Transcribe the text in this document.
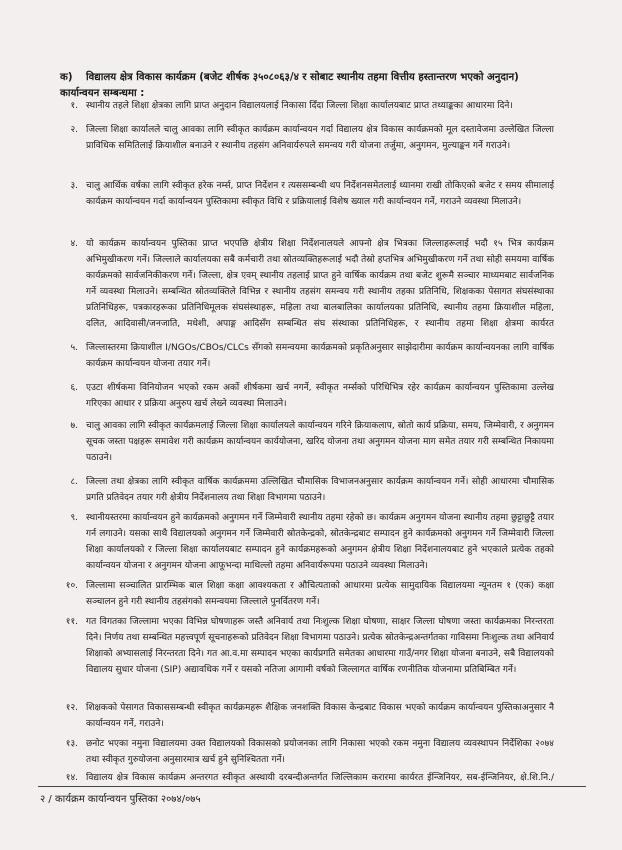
क) विद्यालय क्षेत्र विकास कार्यक्रम (बजेट शीर्षक ३५०८०६३/४ र सोबाट स्थानीय तहमा वित्तीय हस्तान्तरण भएको अनुदान) कार्यान्वयन सम्बन्धमा :
१. स्थानीय तहले शिक्षा क्षेत्रका लागि प्राप्त अनुदान विद्यालयलाई निकासा दिँदा जिल्ला शिक्षा कार्यालयबाट प्राप्त तथ्याङ्कका आधारमा दिने।
२. जिल्ला शिक्षा कार्यालले चालु आवका लागि स्वीकृत कार्यक्रम कार्यान्वयन गर्दा विद्यालय क्षेत्र विकास कार्यक्रमको मूल दस्तावेजमा उल्लेखित जिल्ला प्राविधिक समितिलाई क्रियाशील बनाउने र स्थानीय तहसंग अनिवार्यरुपले समन्वय गरी योजना तर्जुमा, अनुगमन, मुल्याङ्कन गर्ने गराउने।
३. चालु आर्थिक वर्षका लागि स्वीकृत हरेक नर्म्स, प्राप्त निर्देशन र त्यससम्बन्धी थप निर्देशनसमेतलाई ध्यानमा राखी तोकिएको बजेट र समय सीमालाई कार्यक्रम कार्यान्वयन गर्दा कार्यान्वयन पुस्तिकामा स्वीकृत विधि र प्रक्रियालाई विशेष ख्याल गरी कार्यान्वयन गर्ने, गराउने व्यवस्था मिलाउने।
४. यो कार्यक्रम कार्यान्वयन पुस्तिका प्राप्त भएपछि क्षेत्रीय शिक्षा निर्देशनालयले आफ्नो क्षेत्र भित्रका जिल्लाहरूलाई भदौ १५ भित्र कार्यक्रम अभिमुखीकरण गर्ने। जिल्लाले कार्यालयका सबै कर्मचारी तथा स्रोतव्यक्तिहरूलाई भदौ तेस्रो हप्तभित्र अभिमुखीकरण गर्ने तथा सोही समयमा वार्षिक कार्यक्रमको सार्वजनिकीकरण गर्ने। जिल्ला, क्षेत्र एवम् स्थानीय तहलाई प्राप्त हुने वार्षिक कार्यक्रम तथा बजेट शुरूमै सञ्चार माध्यमबाट सार्वजनिक गर्ने व्यवस्था मिलाउने। सम्बन्धित स्रोतव्यक्तिले विभिन्न र स्थानीय तहसंग समन्वय गरी स्थानीय तहका प्रतिनिधि, शिक्षकका पेसागत संघसंस्थाका प्रतिनिधिहरू, पत्रकारहरूका प्रतिनिधिमूलक संघसंस्थाहरू, महिला तथा बालबालिका कार्यालयका प्रतिनिधि, स्थानीय तहमा क्रियाशील महिला, दलित, आदिवासी/जनजाति, मधेशी, अपाङ्ग आदिसँग सम्बन्धित संघ संस्थाका प्रतिनिधिहरू, र स्थानीय तहमा शिक्षा क्षेत्रमा कार्यरत
५. जिल्लास्तरमा क्रियाशील I/NGOs/CBOs/CLCs सँगको समन्वयमा कार्यक्रमको प्रकृतिअनुसार साझेदारीमा कार्यक्रम कार्यान्वयनका लागि वार्षिक कार्यक्रम कार्यान्वयन योजना तयार गर्ने।
६. एउटा शीर्षकमा विनियोजन भएको रकम अर्को शीर्षकमा खर्च नगर्ने, स्वीकृत नर्म्सको परिधिभित्र रहेर कार्यक्रम कार्यान्वयन पुस्तिकामा उल्लेख गरिएका आधार र प्रक्रिया अनुरुप खर्च लेख्ने व्यवस्था मिलाउने।
७. चालु आवका लागि स्वीकृत कार्यक्रमलाई जिल्ला शिक्षा कार्यालयले कार्यान्वयन गरिने क्रियाकलाप, स्रोतो कार्य प्रक्रिया, समय, जिम्मेवारी, र अनुगमन सूचक जस्ता पक्षहरू समावेश गरी कार्यक्रम कार्यान्वयन कार्ययोजना, खरिद योजना तथा अनुगमन योजना माग समेत तयार गरी सम्बन्धित निकायमा पठाउने।
८. जिल्ला तथा क्षेत्रका लागि स्वीकृत वार्षिक कार्यक्रममा उल्लिखित चौमासिक विभाजनअनुसार कार्यक्रम कार्यान्वयन गर्ने। सोही आधारमा चौमासिक प्रगति प्रतिवेदन तयार गरी क्षेत्रीय निर्देशनालय तथा शिक्षा विभागमा पठाउने।
९. स्थानीयस्तरमा कार्यान्वयन हुने कार्यक्रमको अनुगमन गर्ने जिम्मेवारी स्थानीय तहमा रहेको छ। कार्यक्रम अनुगमन योजना स्थानीय तहमा छुट्टाछुट्टै तयार गर्न लगाउने। यसका साथै विद्यालयको अनुगमन गर्ने जिम्मेवारी स्रोतकेन्द्रको, स्रोतकेन्द्रबाट सम्पादन हुने कार्यक्रमको अनुगमन गर्ने जिम्मेवारी जिल्ला शिक्षा कार्यालयको र जिल्ला शिक्षा कार्यालयबाट सम्पादन हुने कार्यक्रमहरूको अनुगमन क्षेत्रीय शिक्षा निर्देशनालयबाट हुने भएकाले प्रत्येक तहको कार्यान्वयन योजना र अनुगमन योजना आफूभन्दा माथिल्लो तहमा अनिवार्यरूपमा पठाउने व्यवस्था मिलाउने।
१०. जिल्लामा सञ्चालित प्रारम्भिक बाल शिक्षा कक्षा आवश्यकता र औचित्यताको आधारमा प्रत्येक सामुदायिक विद्यालयमा न्यूनतम १ (एक) कक्षा सञ्चालन हुने गरी स्थानीय तहसंगको समन्वयमा जिल्लाले पुनर्वितरण गर्ने।
११. गत विगतका जिल्लामा भएका विभिन्न घोषणाहरू जस्तै अनिवार्य तथा निःशुल्क शिक्षा घोषणा, साक्षर जिल्ला घोषणा जस्ता कार्यक्रमका निरन्तरता दिने। निर्णय तथा सम्बन्धित महत्त्वपूर्ण सूचनाहरूको प्रतिवेदन शिक्षा विभागमा पठाउने। प्रत्येक स्रोतकेन्द्रअन्तर्गतका गाविसमा निःशुल्क तथा अनिवार्य शिक्षाको अभ्यासलाई निरन्तरता दिने। गत आ.व.मा सम्पादन भएका कार्यप्रगति समेतका आधारमा गाउँ/नगर शिक्षा योजना बनाउने, सबै विद्यालयको विद्यालय सुधार योजना (SIP) अद्यावधिक गर्ने र यसको नतिजा आगामी वर्षको जिल्लागत वार्षिक रणनीतिक योजनामा प्रतिबिम्बित गर्ने।
१२. शिक्षकको पेसागत विकाससम्बन्धी स्वीकृत कार्यक्रमहरू शैक्षिक जनशक्ति विकास केन्द्रबाट विकास भएको कार्यक्रम कार्यान्वयन पुस्तिकाअनुसार नै कार्यान्वयन गर्ने, गराउने।
१३. छनोट भएका नमुना विद्यालयमा उक्त विद्यालयको विकासको प्रयोजनका लागि निकासा भएको रकम नमुना विद्यालय व्यवस्थापन निर्देशिका २०७४ तथा स्वीकृत गुरुयोजना अनुसारमात्र खर्च हुने सुनिश्चितता गर्ने।
१४. विद्यालय क्षेत्र विकास कार्यक्रम अन्तरगत स्वीकृत अस्थायी दरबन्दीअन्तर्गत जिल्लिकाम करारमा कार्यरत ईन्जिनियर, सब-ईन्जिनियर, क्षे.शि.नि./
२ / कार्यक्रम कार्यान्वयन पुस्तिका २०७४/०७५
